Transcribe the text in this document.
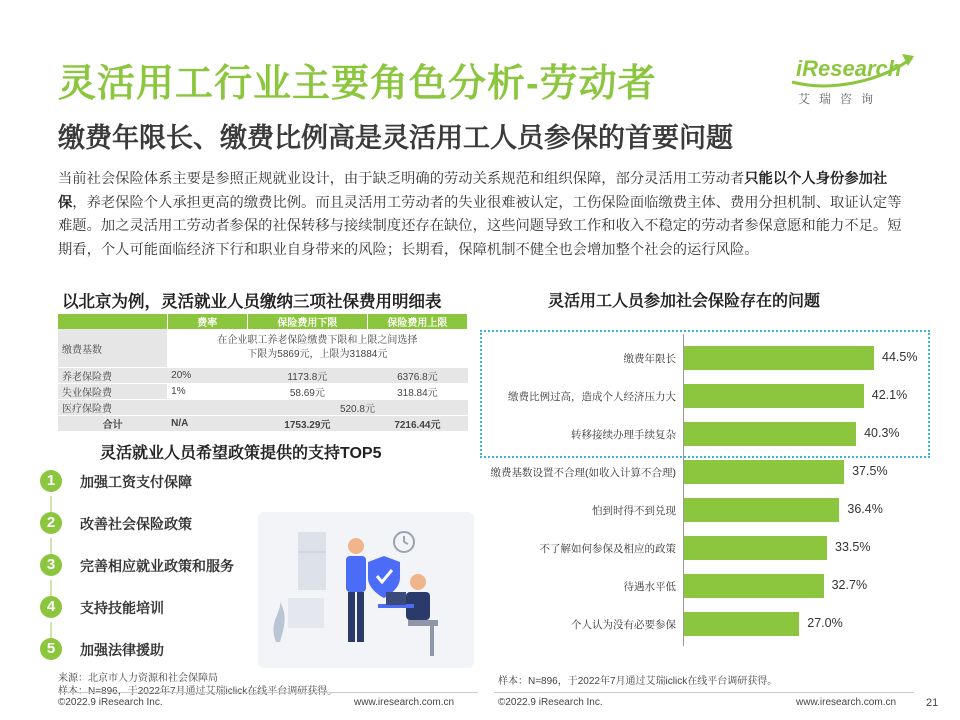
灵活用工行业主要角色分析-劳动者
缴费年限长、缴费比例高是灵活用工人员参保的首要问题
iResearch
艾瑞咨询
当前社会保险体系主要是参照正规就业设计，由于缺乏明确的劳动关系规范和组织保障，部分灵活用工劳动者只能以个人身份参加社保，养老保险个人承担更高的缴费比例。而且灵活用工劳动者的失业很难被认定，工伤保险面临缴费主体、费用分担机制、取证认定等难题。加之灵活用工劳动者参保的社保转移与接续制度还存在缺位，这些问题导致工作和收入不稳定的劳动者参保意愿和能力不足。短期看，个人可能面临经济下行和职业自身带来的风险；长期看，保障机制不健全也会增加整个社会的运行风险。
以北京为例，灵活就业人员缴纳三项社保费用明细表
	费率	保险费用下限	保险费用上限
缴费基数	在企业职工养老保险缴费下限和上限之间选择
下限为5869元，上限为31884元		

养老保险费	20%	1173.8元	6376.8元
失业保险费	1%	58.69元	318.84元
医疗保险费		520.8元	
合计	N/A	1753.29元	7216.44元
灵活就业人员希望政策提供的支持TOP5
1	加强工资支付保障
2	改善社会保险政策
3	完善相应就业政策和服务
4	支持技能培训
5	加强法律援助
来源：北京市人力资源和社会保障局
灵活用工人员参加社会保险存在的问题
缴费年限长	44.5%
缴费比例过高，造成个人经济压力大	42.1%
转移接续办理手续复杂	40.3%
缴费基数设置不合理(如收入计算不合理)	37.5%
怕到时得不到兑现	36.4%
不了解如何参保及相应的政策	33.5%
待遇水平低	32.7%
个人认为没有必要参保	27.0%
样本：N=896，于2022年7月通过艾瑞iclick在线平台调研获得。
©2022.9 iResearch Inc.	www.iresearch.com.cn	©2022.9 iResearch Inc.	www.iresearch.com.cn	21
